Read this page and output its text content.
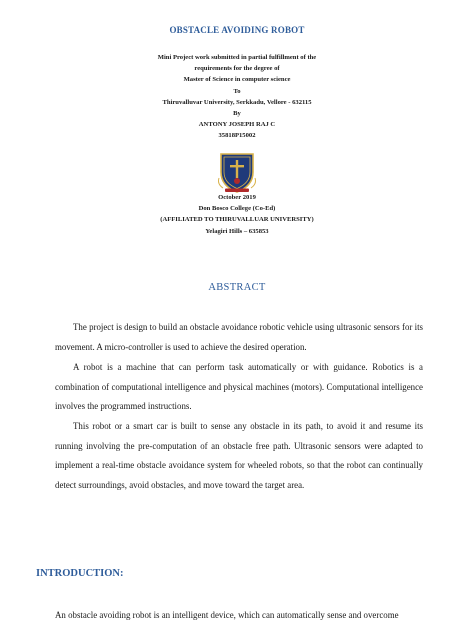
OBSTACLE AVOIDING ROBOT
Mini Project work submitted in partial fulfillment of the
requirements for the degree of
Master of Science in computer science
To
Thiruvalluvar University, Serkkadu, Vellore - 632115
By
ANTONY JOSEPH RAJ C
35818P15002
October 2019
Don Bosco College (Co-Ed)
(AFFILIATED TO THIRUVALLUAR UNIVERSITY)
Yelagiri Hills – 635853
ABSTRACT
The project is design to build an obstacle avoidance robotic vehicle using ultrasonic sensors for its movement. A micro-controller is used to achieve the desired operation.
A robot is a machine that can perform task automatically or with guidance. Robotics is a combination of computational intelligence and physical machines (motors). Computational intelligence involves the programmed instructions.
This robot or a smart car is built to sense any obstacle in its path, to avoid it and resume its running involving the pre-computation of an obstacle free path. Ultrasonic sensors were adapted to implement a real-time obstacle avoidance system for wheeled robots, so that the robot can continually detect surroundings, avoid obstacles, and move toward the target area.
INTRODUCTION:
An obstacle avoiding robot is an intelligent device, which can automatically sense and overcome
